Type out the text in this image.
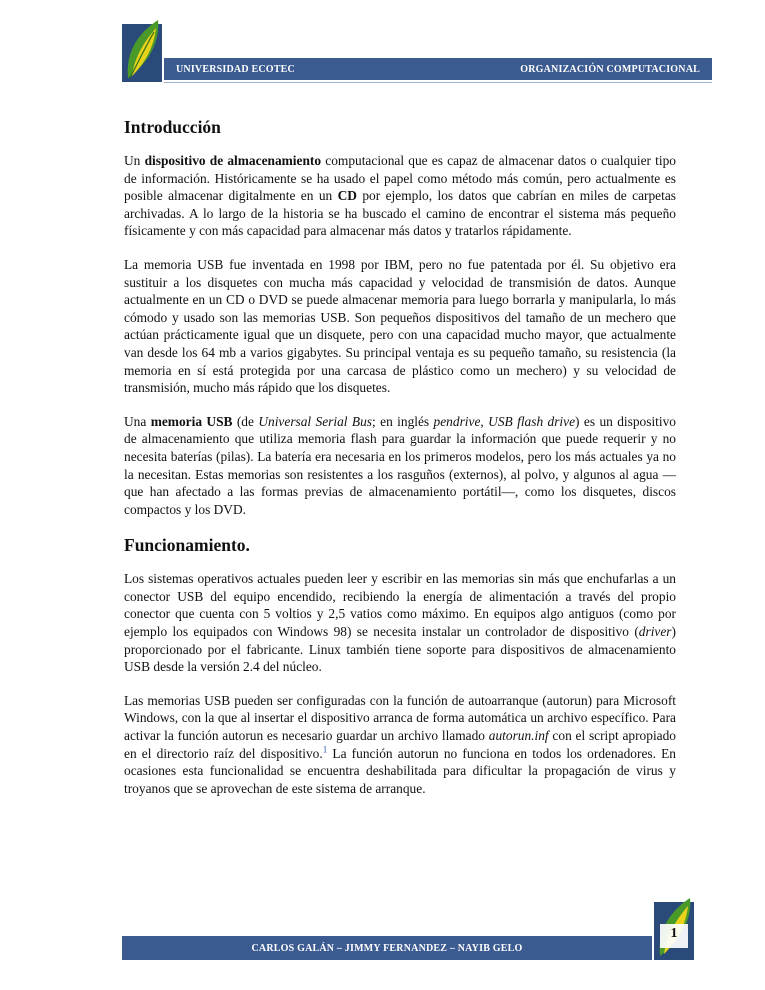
UNIVERSIDAD ECOTEC	ORGANIZACIÓN COMPUTACIONAL
Introducción

Un dispositivo de almacenamiento computacional que es capaz de almacenar datos o cualquier tipo de información. Históricamente se ha usado el papel como método más común, pero actualmente es posible almacenar digitalmente en un CD por ejemplo, los datos que cabrían en miles de carpetas archivadas. A lo largo de la historia se ha buscado el camino de encontrar el sistema más pequeño físicamente y con más capacidad para almacenar más datos y tratarlos rápidamente.

La memoria USB fue inventada en 1998 por IBM, pero no fue patentada por él. Su objetivo era sustituir a los disquetes con mucha más capacidad y velocidad de transmisión de datos. Aunque actualmente en un CD o DVD se puede almacenar memoria para luego borrarla y manipularla, lo más cómodo y usado son las memorias USB. Son pequeños dispositivos del tamaño de un mechero que actúan prácticamente igual que un disquete, pero con una capacidad mucho mayor, que actualmente van desde los 64 mb a varios gigabytes. Su principal ventaja es su pequeño tamaño, su resistencia (la memoria en sí está protegida por una carcasa de plástico como un mechero) y su velocidad de transmisión, mucho más rápido que los disquetes.

Una memoria USB (de Universal Serial Bus; en inglés pendrive, USB flash drive) es un dispositivo de almacenamiento que utiliza memoria flash para guardar la información que puede requerir y no necesita baterías (pilas). La batería era necesaria en los primeros modelos, pero los más actuales ya no la necesitan. Estas memorias son resistentes a los rasguños (externos), al polvo, y algunos al agua —que han afectado a las formas previas de almacenamiento portátil—, como los disquetes, discos compactos y los DVD.

Funcionamiento.

Los sistemas operativos actuales pueden leer y escribir en las memorias sin más que enchufarlas a un conector USB del equipo encendido, recibiendo la energía de alimentación a través del propio conector que cuenta con 5 voltios y 2,5 vatios como máximo. En equipos algo antiguos (como por ejemplo los equipados con Windows 98) se necesita instalar un controlador de dispositivo (driver) proporcionado por el fabricante. Linux también tiene soporte para dispositivos de almacenamiento USB desde la versión 2.4 del núcleo.

Las memorias USB pueden ser configuradas con la función de autoarranque (autorun) para Microsoft Windows, con la que al insertar el dispositivo arranca de forma automática un archivo específico. Para activar la función autorun es necesario guardar un archivo llamado autorun.inf con el script apropiado en el directorio raíz del dispositivo.$^1$ La función autorun no funciona en todos los ordenadores. En ocasiones esta funcionalidad se encuentra deshabilitada para dificultar la propagación de virus y troyanos que se aprovechan de este sistema de arranque.

CARLOS GALÁN – JIMMY FERNANDEZ – NAYIB GELO
1
